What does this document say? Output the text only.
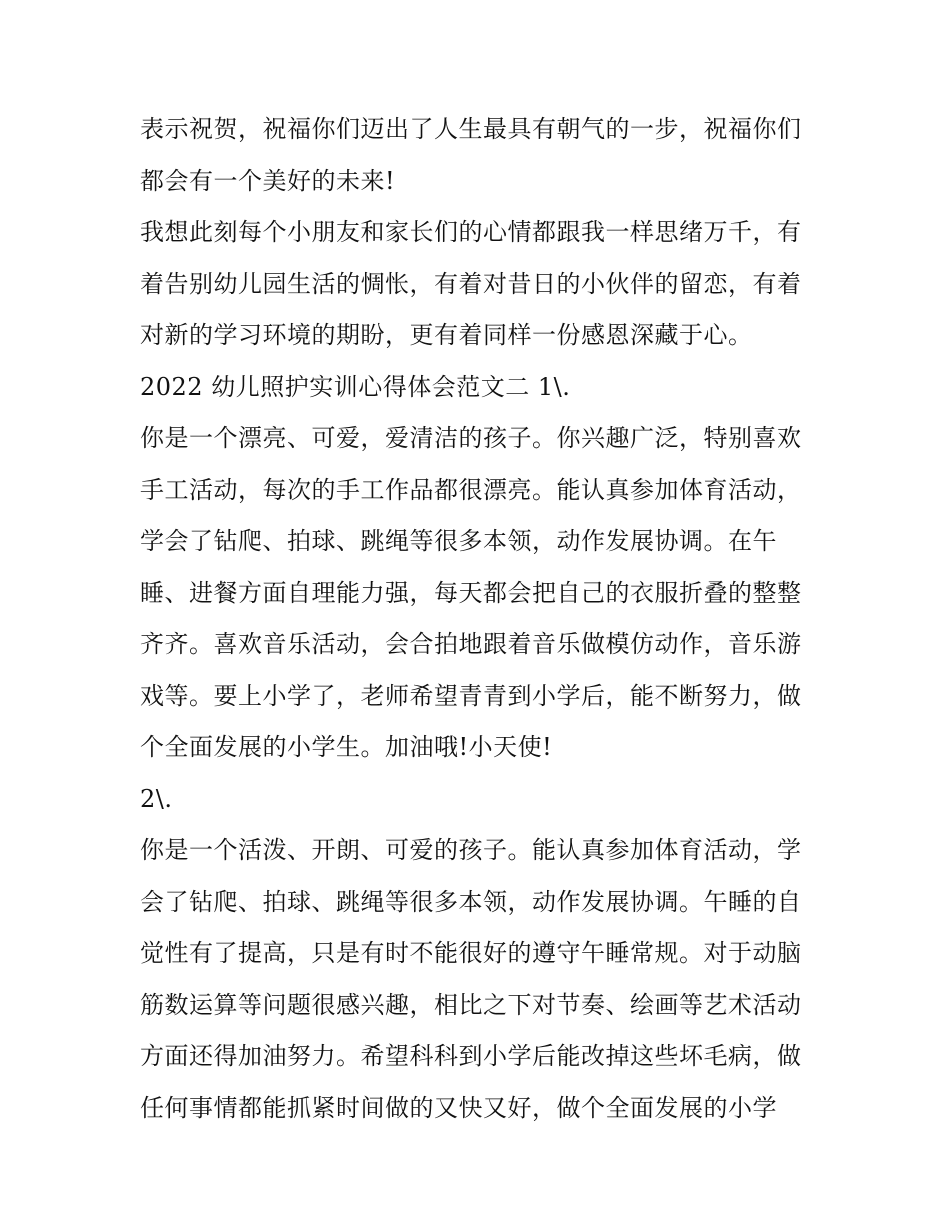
表示祝贺，祝福你们迈出了人生最具有朝气的一步，祝福你们
都会有一个美好的未来!
我想此刻每个小朋友和家长们的心情都跟我一样思绪万千，有
着告别幼儿园生活的惆怅，有着对昔日的小伙伴的留恋，有着
对新的学习环境的期盼，更有着同样一份感恩深藏于心。
2022 幼儿照护实训心得体会范文二 1\.
你是一个漂亮、可爱，爱清洁的孩子。你兴趣广泛，特别喜欢
手工活动，每次的手工作品都很漂亮。能认真参加体育活动，
学会了钻爬、拍球、跳绳等很多本领，动作发展协调。在午
睡、进餐方面自理能力强，每天都会把自己的衣服折叠的整整
齐齐。喜欢音乐活动，会合拍地跟着音乐做模仿动作，音乐游
戏等。要上小学了，老师希望青青到小学后，能不断努力，做
个全面发展的小学生。加油哦!小天使!
2\.
你是一个活泼、开朗、可爱的孩子。能认真参加体育活动，学
会了钻爬、拍球、跳绳等很多本领，动作发展协调。午睡的自
觉性有了提高，只是有时不能很好的遵守午睡常规。对于动脑
筋数运算等问题很感兴趣，相比之下对节奏、绘画等艺术活动
方面还得加油努力。希望科科到小学后能改掉这些坏毛病，做
任何事情都能抓紧时间做的又快又好，做个全面发展的小学
